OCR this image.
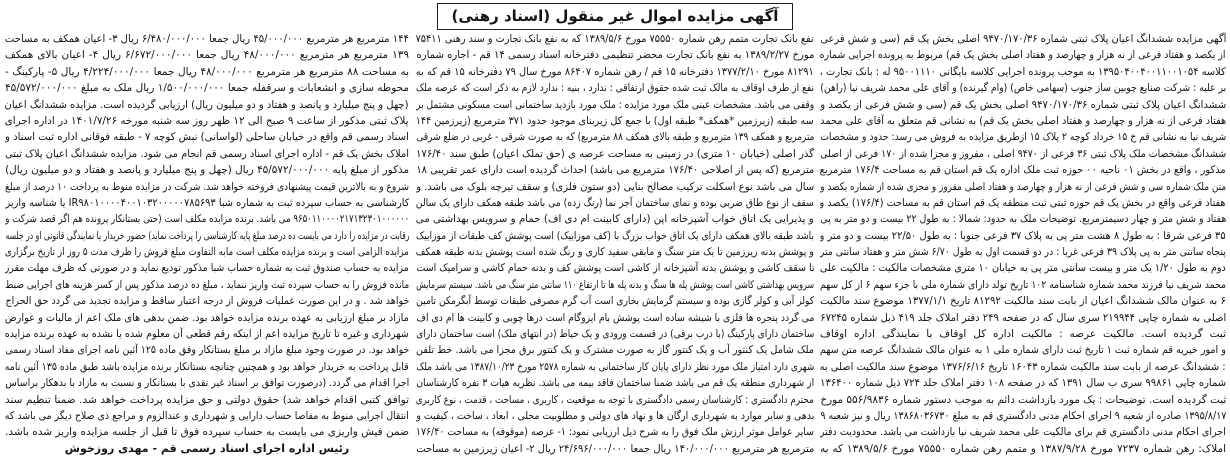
آگهی مزایده اموال غیر منقول (اسناد رهنی)
آگهی مزایده ششدانگ اعیان پلاک ثبتی شماره ۹۴۷۰/۱۷۰/۳۶ اصلی بخش یک قم (سی و شش فرعی
از یکصد و هفتاد فرعی از نه هزار و چهارصد و هفتاد اصلی بخش یک قم) مربوط به پرونده اجرایی شماره
کلاسه ۱۳۹۵۰۴۰۰۴۰۰۱۱۰۰۱۰۵۴ به موجب پرونده اجرایی کلاسه بایگانی ۹۵۰۰۱۱۱۰ له : بانک تجارت ،
بر علیه : شرکت صنایع چوبین ساز جنوب (سهامی خاص) (وام گیرنده) و آقای علی محمد شریف نیا (راهن)
ششدانگ اعیان پلاک ثبتی شماره ۹۴۷۰/۱۷۰/۳۶ اصلی بخش یک قم (سی و شش فرعی از یکصد و
هفتاد فرعی از نه هزار و چهارصد و هفتاد اصلی بخش یک قم) به نشانی قم متعلق به آقای علی محمد
شریف نیا به نشانی قم خ ۱۵ خرداد کوچه ۲ پلاک ۱۵ ازطریق مزایده به فروش می رسد: حدود و مشخصات
ششدانگ مشخصات ملک پلاک ثبتی ۳۶ فرعی از ۹۴۷۰ اصلی ، مفروز و مجزا شده از ۱۷۰ فرعی از اصلی
مذکور ، واقع در بخش ۰۱ ناحیه ۰۰ حوزه ثبت ملک اداره یک قم استان قم به مساحت ۱۷۶/۴ مترمربع
متن ملک شماره سی و شش فرعی از نه هزار و چهارصد و هفتاد اصلی مفروز و مجزی شده از شماره یکصد و
هفتاد فرعی واقع در بخش یک قم حوزه ثبتی ثبت منطقه یک قم استان قم به مساحت (۱۷۶/۴) یکصد و
هفتاد و شش متر و چهار دسیمترمربع. توضیحات ملک به حدود: شمالا : به طول ۲۲ بیست و دو متر به پی
۳۵ فرعی شرقا : به طول ۸ هشت متر پی به پلاک ۳۷ فرعی جنوبا : به طول ۲۲/۵۰ بیست و دو متر و
پنجاه سانتی متر به پی پلاک ۳۹ فرعی غربا : در دو قسمت اول به طول ۶/۷۰ شش متر و هفتاد سانتی متر
دوم به طول ۱/۲۰ یک متر و بیست سانتی متر پی به خیابان ۱۰ متری مشخصات مالکیت : مالکیت علی
محمد شریف نیا فرزند محمد شماره شناسنامه ۱۰۲ تاریخ تولد دارای شماره ملی با جزء سهم ۶ از کل سهم
۶ به عنوان مالک ششدانگ اعیان از بابت سند مالکیت ۸۱۲۹۲ تاریخ ۱۳۷۷/۱/۱ موضوع سند مالکیت
اصلی به شماره چاپی ۲۱۹۹۴۴ سری سال که در صفحه ۲۴۹ دفتر املاک جلد ۴۱۹ ذیل شماره ۶۷۲۴۵
ثبت گردیده است. مالکیت عرصه : مالکیت اداره کل اوقاف با نمایندگی اداره اوقاف
و امور خیریه قم شماره ثبت ۱ تاریخ ثبت دارای شماره ملی ۱ به عنوان مالک ششدانگ عرصه متن سهم
: ششدانگ عرصه از بابت سند مالکیت شماره ۱۶۰۴۳ تاریخ ۱۳۷۶/۶/۱۶ موضوع سند مالکیت اصلی به
شماره چاپی ۹۹۸۶۱ سری ب سال ۱۳۹۱ که در صفحه ۱۰۸ دفتر املاک جلد ۷۲۴ ذیل شماره ۱۳۶۴۰۰
ثبت گردیده است. توضیحات : یک مورد بازداشت دائم به موجب دستور شماره ۵۵۶/۹۸۳۶ مورخ
۱۳۹۵/۸/۱۷ صادره از شعبه ۹ اجرای احکام مدنی دادگستری قم به مبلغ ۱۳۸۶۸۰۳۶۷۳۰ ریال و نیز شعبه ۹
اجرای احکام مدنی دادگستری قم برای مالکیت علی محمد شریف نیا بازداشت می باشد. محدودیت دفتر
املاک: رهن شماره ۷۲۳۷ مورخ ۱۳۸۷/۹/۲۸ و متمم رهن شماره ۷۵۵۵۰ مورخ ۱۳۸۹/۵/۶ که به
نفع بانک تجارت متمم رهن شماره ۷۵۵۵۰ مورخ ۱۳۸۹/۵/۶ که به نفع بانک تجارت و سند رهنی ۷۵۴۱۱
مورخ ۱۳۸۹/۲/۲۷ به نفع بانک تجارت محضر تنظیمی دفترخانه اسناد رسمی ۱۴ قم - اجاره شماره
۸۱۲۹۱ مورخ ۱۳۷۷/۲/۱۰ دفترخانه ۱۵ قم / رهن شماره ۸۶۴۰۷ مورخ سال ۷۹ دفترخانه ۱۵ قم که به
نفع از طرف اوقاف به مالک ثبت شده حقوق ارتفاقی : ندارد ، بنیه : ندارد لازم به ذکر است که عرصه ملک
وقفی می باشد. مشخصات عینی ملک مورد مزایده : ملک مورد بازدید ساختمانی است مسکونی مشتمل بر
سه طبقه (زیرزمین *همکف* طبقه اول) با جمع کل زیربنای موجود حدود ۳۷۱ مترمربع (زیرزمین ۱۴۴
مترمربع و همکف ۱۳۹ مترمربع و طبقه بالای همکف ۸۸ مترمربع) که به صورت شرقی - غربی در ضلع شرقی
گذر اصلی (خیابان ۱۰ متری) در زمینی به مساحت عرصه ی (حق تملک اعیان) طبق سند ۱۷۶/۴۰
مترمربع (که پس از اصلاحی ۱۷۶/۴۰ مترمربع می باشد) احداث گردیده است دارای عمر تقریبی ۱۸
سال می باشد نوع اسکلت ترکیب مصالح بنایی (دو ستون فلزی) و سقف تیرچه بلوک می باشد. و
سقف از نوع طاق ضربی بوده و نمای ساختمان آجر نما (رنگ زده) می باشد طبقه همکف دارای یک سالن
و پذیرایی یک اتاق خواب آشپزخانه اپن (دارای کابینت ام دی اف) حمام و سرویس بهداشتی می
باشد طبقه بالای همکف دارای یک اتاق خواب بزرگ با (کف موزاییک) است پوشش کف طبقات از موزاییک
و پوشش بدنه زیرزمین تا یک متر سنگ و مابقی سفید کاری و رنگ شده است پوشش بدنه طبقه همکف
تا سقف کاشی و پوشش بدنه آشپزخانه از کاشی است پوشش کف و بدنه حمام کاشی و سرامیک است
سرویس بهداشتی کاشی است پوشش پله ها سنگ و بدنه پله ها تا ارتفاع ۱۱۰ سانتی متر سنگ می باشد. سیستم سرمایش
کولر آبی و کولر گازی بوده و سیستم گرمایش بخاری است آب گرم مصرفی طبقات توسط آبگرمکن تامین
می گردد پنجره ها فلزی با شیشه ساده است پوشش بام ایزوگام است درها چوبی و کابینت ها ام دی اف
ساختمان دارای پارکینگ (با درب برقی) در قسمت ورودی و یک حیاط (در انتهای ملک) است ساختمان دارای
ملک شامل یک کنتور آب و یک کنتور گاز به صورت مشترک و یک کنتور برق مجزا می باشد. خط تلفن
شهری دارد امتیاز ملک مورد نظر دارای پایان کار ساختمانی به شماره ۲۵۷۸ مورخ ۱۳۸۷/۱۰/۲۳ می باشد ملک
از شهرداری منطقه یک قم می باشد ضمنا ساختمان فاقد بیمه می باشد. نظریه هیات ۳ نفره کارشناسان
محترم دادگستری : کارشناسان رسمی دادگستری با توجه به موقعیت ، کاربری ، مساحت ، قدمت ، نوع کاربری
بدهی و سایر موارد به شهرداری ارگان ها و نهاد های دولتی و مطلوبیت محلی ، ابعاد ، ساخت ، کیفیت و
سایر عوامل موثر ارزش ملک فوق را به شرح ذیل ارزیابی نمود: ۱- عرصه (موقوفه) به مساحت ۱۷۶/۴۰
مترمربع هر مترمربع ۱۴۰/۰۰۰/۰۰۰ ریال جمعا ۲۴/۶۹۶/۰۰۰/۰۰۰ ریال ۲- اعیان زیرزمین به مساحت
۱۴۴ مترمربع هر مترمربع ۴۵/۰۰۰/۰۰۰ ریال جمعا ۶/۴۸۰/۰۰۰/۰۰۰ ریال ۳- اعیان همکف به مساحت
۱۳۹ مترمربع هر مترمربع ۴۸/۰۰۰/۰۰۰ ریال جمعا ۶/۶۷۲/۰۰۰/۰۰۰ ریال ۴- اعیان بالای همکف
به مساحت ۸۸ مترمربع هر مترمربع ۴۸/۰۰۰/۰۰۰ ریال جمعا ۴/۲۲۴/۰۰۰/۰۰۰ ریال ۵- پارکینگ -
محوطه سازی و انشعابات و سرقفله جمعا ۱/۵۰۰/۰۰۰/۰۰۰ ریال ملک به مبلغ ۴۵/۵۷۲/۰۰۰/۰۰۰
(چهل و پنج میلیارد و پانصد و هفتاد و دو میلیون ریال) ارزیابی گردیده است. مزایده ششدانگ اعیان
پلاک ثبتی مذکور از ساعت ۹ صبح الی ۱۲ ظهر روز سه شنبه مورخه ۱۴۰۱/۷/۲۶ در اداره اجرای
اسناد رسمی قم واقع در خیابان ساحلی (لواسانی) نبش کوچه ۷ - طبقه فوقانی اداره ثبت اسناد و
املاک بخش یک قم - اداره اجرای اسناد رسمی قم انجام می شود. مزایده ششدانگ اعیان پلاک ثبتی
مذکور از مبلغ پایه ۴۵/۵۷۲/۰۰۰/۰۰۰ ریال (چهل و پنج میلیارد و پانصد و هفتاد و دو میلیون ریال)
شروع و به بالاترین قیمت پیشنهادی فروخته خواهد شد. شرکت در مزایده منوط به پرداخت ۱۰ درصد از مبلغ
کارشناسی به حساب سپرده ثبت به شماره شبا IR۹۸۰۱۰۰۰۰۴۰۰۱۰۳۲۰۰۰۰۰۷۸۵۶۹۳ یا شناسه واریز
۹۶۵۰۱۱۰۰۰۰۲۱۷۱۳۲۳۰۱۰۰۰۰۰۰ می باشد. برنده مزایده مکلف است (حتی بستانکار پرونده هم اگر قصد شرکت و
رقابت در مزایده را دارد می بایست ده درصد مبلغ پایه کارشناسی را پرداخت نماید) حضور خریدار یا نمایندگی قانونی او در جلسه
مزایده الزامی است و برنده مزایده مکلف است مابه التفاوت مبلغ فروش را ظرف مدت ۵ روز از تاریخ برگزاری
مزایده به حساب صندوق ثبت به شماره حساب شبا مذکور تودیع نماید و در صورتی که ظرف مهلت مقرر
مانده فروش را به حساب سپرده ثبت واریز ننماید ، مبلغ ده درصد مذکور پس از کسر هزینه های اجرایی ضبط
خواهد شد . و در این صورت عملیات فروش از درجه اعتبار ساقط و مزایده تجدید می گردد حق الحراج
مازاد بر مبلغ ارزیابی به عهده برنده مزایده خواهد بود. ضمن بدهی های ملک اعم از مالیات و عوارض
شهرداری و غیره تا تاریخ مزایده اعم از اینکه رقم قطعی آن معلوم شده یا نشده به عهده برنده مزایده
خواهد بود. در صورت وجود مبلغ مازاد بر مبلغ بستانکار وفق ماده ۱۲۵ آئین نامه اجرای مفاد اسناد رسمی
قابل پرداخت به خریدار خواهد بود و همچنین چنانچه بستانکار برنده مزایده باشد طبق ماده ۱۳۵ آئین نامه
اجرا اقدام می گردد. (درصورت توافق بر اسناد غیر نقدی با بستانکار و نسبت به مازاد با بدهکار براساس
توافق کتبی اقدام خواهد شد) حقوق دولتی و حق مزایده پرداخت خواهد شد. ضمنا تنظیم سند
انتقال اجرایی منوط به مفاصا حساب دارایی و شهرداری و عندالزوم و مراجع ذی صلاح دیگر می باشد که
ضمن فیش واریزی می بایست به حساب سپرده فوق تا قبل از جلسه مزایده واریز شده باشد.
رئیس اداره اجرای اسناد رسمی قم - مهدی روزخوش
